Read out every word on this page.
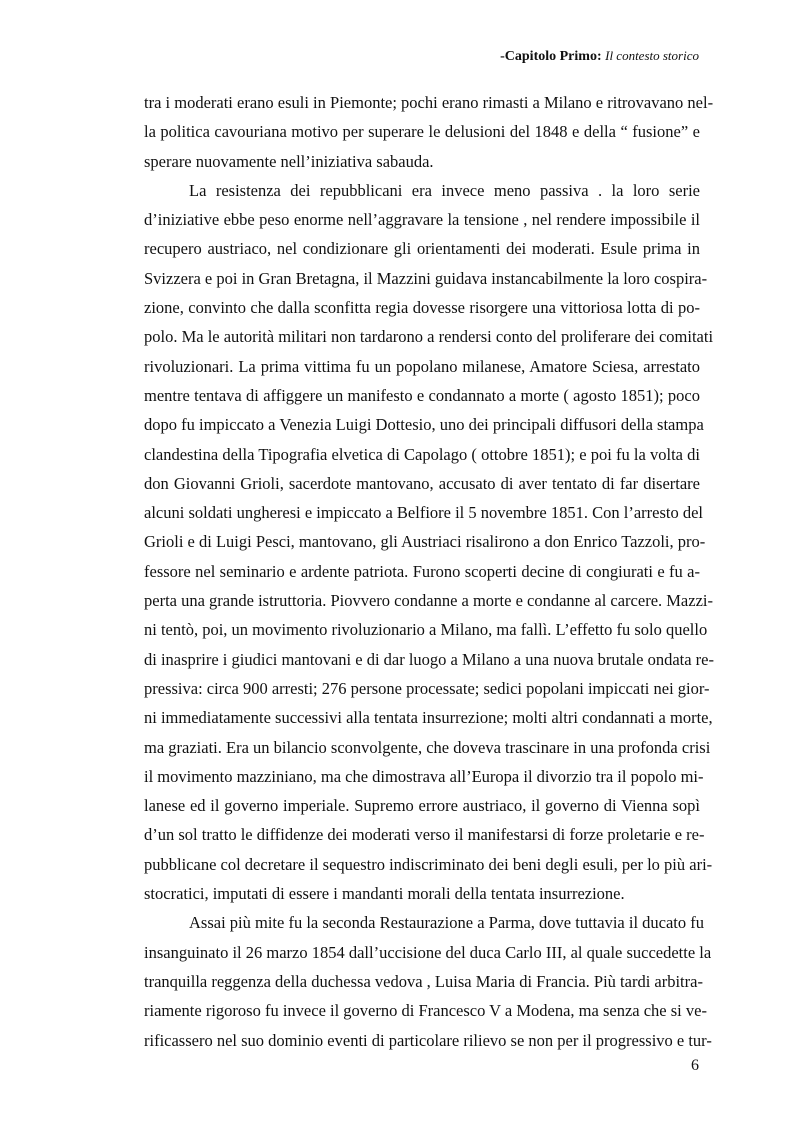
-Capitolo Primo: Il contesto storico
tra i moderati erano esuli in Piemonte; pochi erano rimasti a Milano e ritrovavano nel-
la politica cavouriana motivo per superare le delusioni del 1848 e della “ fusione” e
sperare nuovamente nell’iniziativa sabauda.
La resistenza dei repubblicani era invece meno passiva . la loro serie
d’iniziative ebbe peso enorme nell’aggravare la tensione , nel rendere impossibile il
recupero austriaco, nel condizionare gli orientamenti dei moderati. Esule prima in
Svizzera e poi in Gran Bretagna, il Mazzini guidava instancabilmente la loro cospira-
zione, convinto che dalla sconfitta regia dovesse risorgere una vittoriosa lotta di po-
polo. Ma le autorità militari non tardarono a rendersi conto del proliferare dei comitati
rivoluzionari. La prima vittima fu un popolano milanese, Amatore Sciesa, arrestato
mentre tentava di affiggere un manifesto e condannato a morte ( agosto 1851); poco
dopo fu impiccato a Venezia Luigi Dottesio, uno dei principali diffusori della stampa
clandestina della Tipografia elvetica di Capolago ( ottobre 1851); e poi fu la volta di
don Giovanni Grioli, sacerdote mantovano, accusato di aver tentato di far disertare
alcuni soldati ungheresi e impiccato a Belfiore il 5 novembre 1851. Con l’arresto del
Grioli e di Luigi Pesci, mantovano, gli Austriaci risalirono a don Enrico Tazzoli, pro-
fessore nel seminario e ardente patriota. Furono scoperti decine di congiurati e fu a-
perta una grande istruttoria. Piovvero condanne a morte e condanne al carcere. Mazzi-
ni tentò, poi, un movimento rivoluzionario a Milano, ma fallì. L’effetto fu solo quello
di inasprire i giudici mantovani e di dar luogo a Milano a una nuova brutale ondata re-
pressiva: circa 900 arresti; 276 persone processate; sedici popolani impiccati nei gior-
ni immediatamente successivi alla tentata insurrezione; molti altri condannati a morte,
ma graziati. Era un bilancio sconvolgente, che doveva trascinare in una profonda crisi
il movimento mazziniano, ma che dimostrava all’Europa il divorzio tra il popolo mi-
lanese ed il governo imperiale. Supremo errore austriaco, il governo di Vienna sopì
d’un sol tratto le diffidenze dei moderati verso il manifestarsi di forze proletarie e re-
pubblicane col decretare il sequestro indiscriminato dei beni degli esuli, per lo più ari-
stocratici, imputati di essere i mandanti morali della tentata insurrezione.
Assai più mite fu la seconda Restaurazione a Parma, dove tuttavia il ducato fu
insanguinato il 26 marzo 1854 dall’uccisione del duca Carlo III, al quale succedette la
tranquilla reggenza della duchessa vedova , Luisa Maria di Francia. Più tardi arbitra-
riamente rigoroso fu invece il governo di Francesco V a Modena, ma senza che si ve-
rificassero nel suo dominio eventi di particolare rilievo se non per il progressivo e tur-
6
